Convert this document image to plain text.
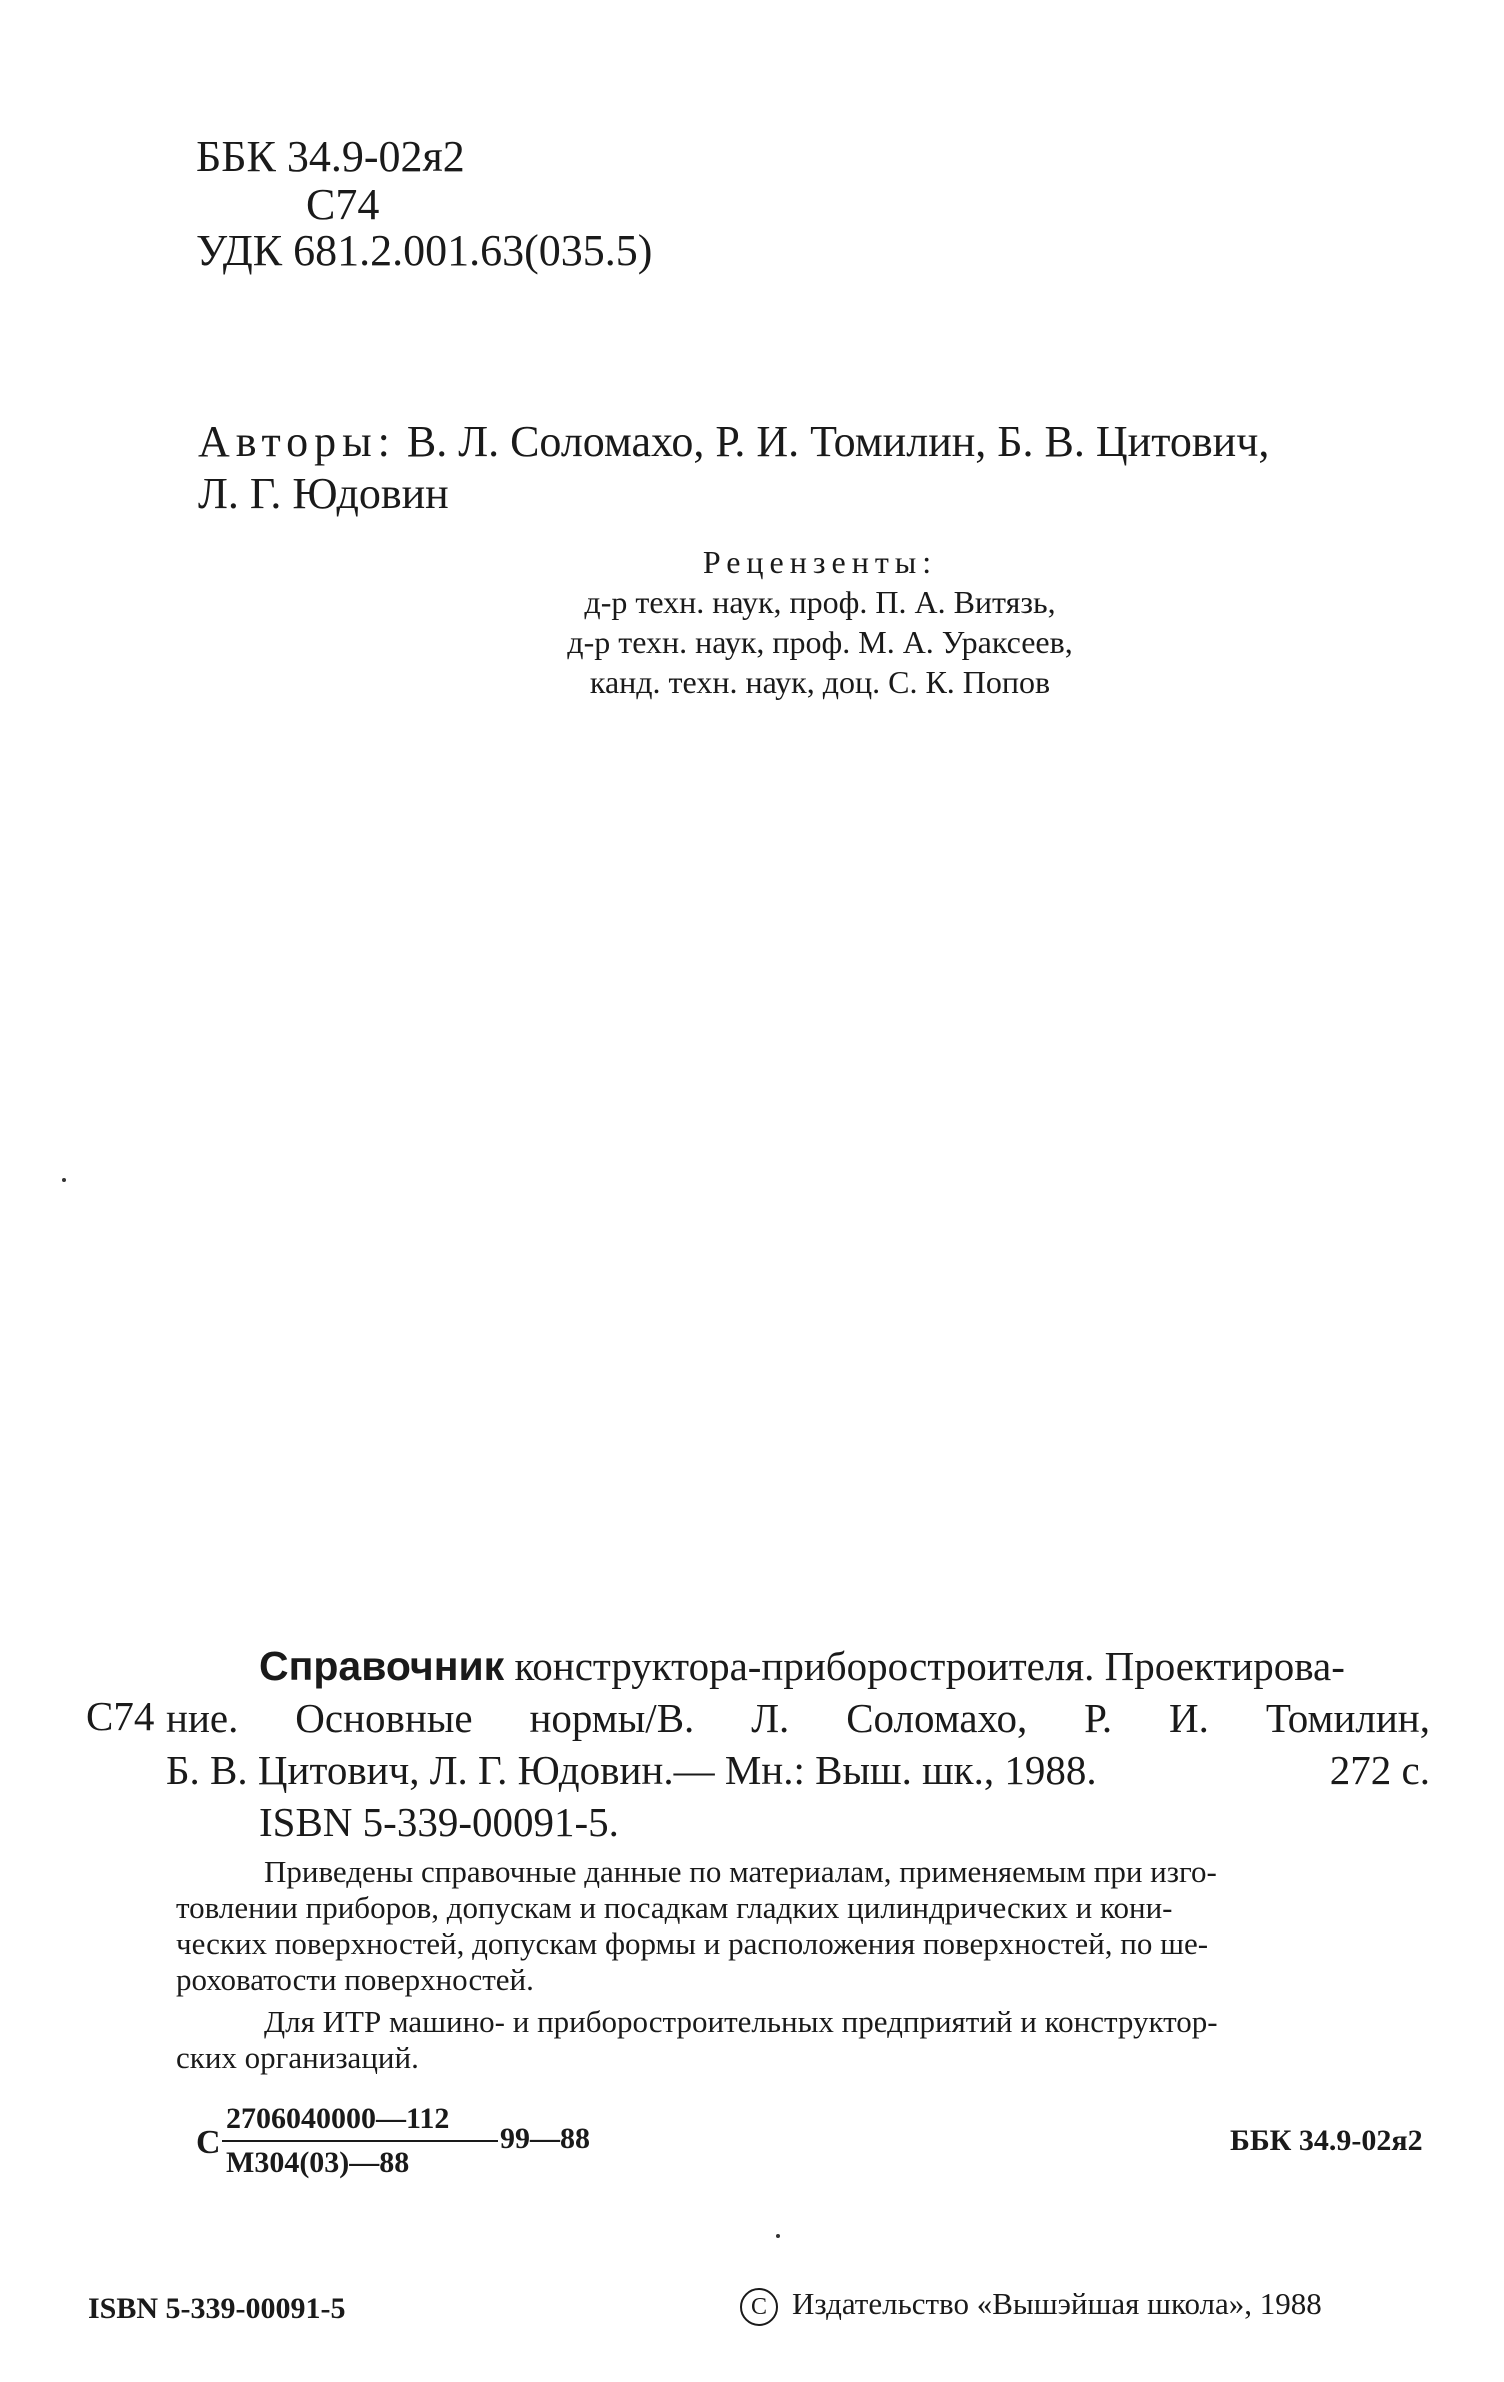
ББК 34.9-02я2
С74
УДК 681.2.001.63(035.5)
Авторы: В. Л. Соломахо, Р. И. Томилин, Б. В. Цитович,
Л. Г. Юдовин
Рецензенты:
д-р техн. наук, проф. П. А. Витязь,
д-р техн. наук, проф. М. А. Ураксеев,
канд. техн. наук, доц. С. К. Попов
С74
Справочник конструктора-приборостроителя. Проектирова-
ние. Основные нормы/В. Л. Соломахо, Р. И. Томилин,
Б. В. Цитович, Л. Г. Юдовин.— Мн.: Выш. шк., 1988.	272 с.
ISBN 5-339-00091-5.
Приведены справочные данные по материалам, применяемым при изго-
товлении приборов, допускам и посадкам гладких цилиндрических и кони-
ческих поверхностей, допускам формы и расположения поверхностей, по ше-
роховатости поверхностей.
Для ИТР машино- и приборостроительных предприятий и конструктор-
ских организаций.
С
2706040000—112
М304(03)—88
99—88	ББК 34.9-02я2
ISBN 5-339-00091-5	C Издательство «Вышэйшая школа», 1988
